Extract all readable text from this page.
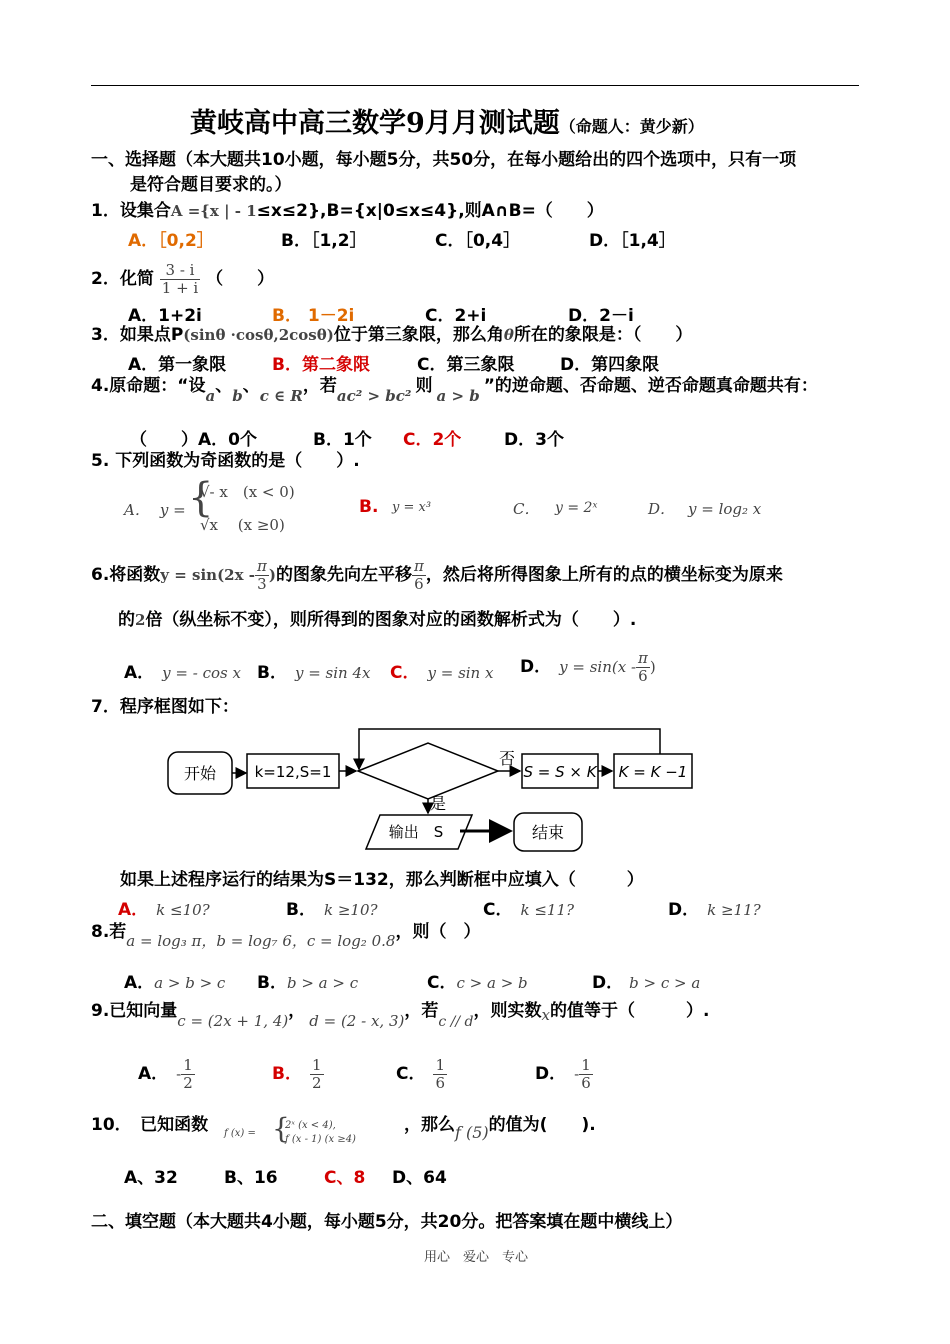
黄岐高中高三数学9月月测试题（命题人：黄少新）
一、选择题（本大题共10小题，每小题5分，共50分，在每小题给出的四个选项中，只有一项
是符合题目要求的。）
1．设集合A ={x | - 1≤x≤2},B={x|0≤x≤4},则A∩B=（　　）
A．［0,2］	B．［1,2］	C．［0,4］	D．［1,4］
2．化简 $\frac{3 - i}{1 + i}$ （　　）
A．1+2i	B． 1－2i	C．2+i	D．2－i
3．如果点P(sinθ ·cosθ,2cosθ)位于第三象限，那么角θ所在的象限是：（　　）
A．第一象限	B．第二象限	C．第三象限	D．第四象限
4.原命题：“设a、b、c ∈ R，若ac² > bc² 则 a > b ”的逆命题、否命题、逆否命题真命题共有：
（　　）A．0个	B．1个 C．2个	D．3个
5. 下列函数为奇函数的是（　　）.
A． y = {
√- x　(x < 0)
√x　 (x ≥0)
B. y = x³	C． y = 2ˣ	D． y = log₂ x
6.将函数$y = \sin(2x - \frac{\pi}{3}$ )的图象先向左平移 $\frac{\pi}{6}$ ，然后将所得图象上所有的点的横坐标变为原来
的2倍（纵坐标不变），则所得到的图象对应的函数解析式为（　　）.
A． y = - cos x B． y = sin 4x C． y = sin x D． $y = \sin(x - \frac{\pi}{6}$ )
7．程序框图如下：
开始	k=12,S=1
否
S = S × K K = K −1
是
输出　S	结束
如果上述程序运行的结果为S＝132，那么判断框中应填入（　　　）
A． k ≤10?	B． k ≥10?	C． k ≤11?	D． k ≥11?
8.若a = log₃ π，b = log₇ 6，c = log₂ 0.8，则（　）
A．a > b > c B．b > a > c	C．c > a > b	D． b > c > a
9.已知向量c = (2x + 1, 4)， d = (2 - x, 3)，若$_{c // d}$，则实数x的值等于（　　　）.
A． - $\frac{1}{2}$	B． $\frac{1}{2}$	C． $\frac{1}{6}$	D． - $\frac{1}{6}$
10．　已知函数 f (x) = {
2ˣ (x < 4),
f (x - 1) (x ≥4)
，那么f (5)的值为(　　).
A、32	B、16	C、8 D、64
二、填空题（本大题共4小题，每小题5分，共20分。把答案填在题中横线上）
用心　爱心　专心
